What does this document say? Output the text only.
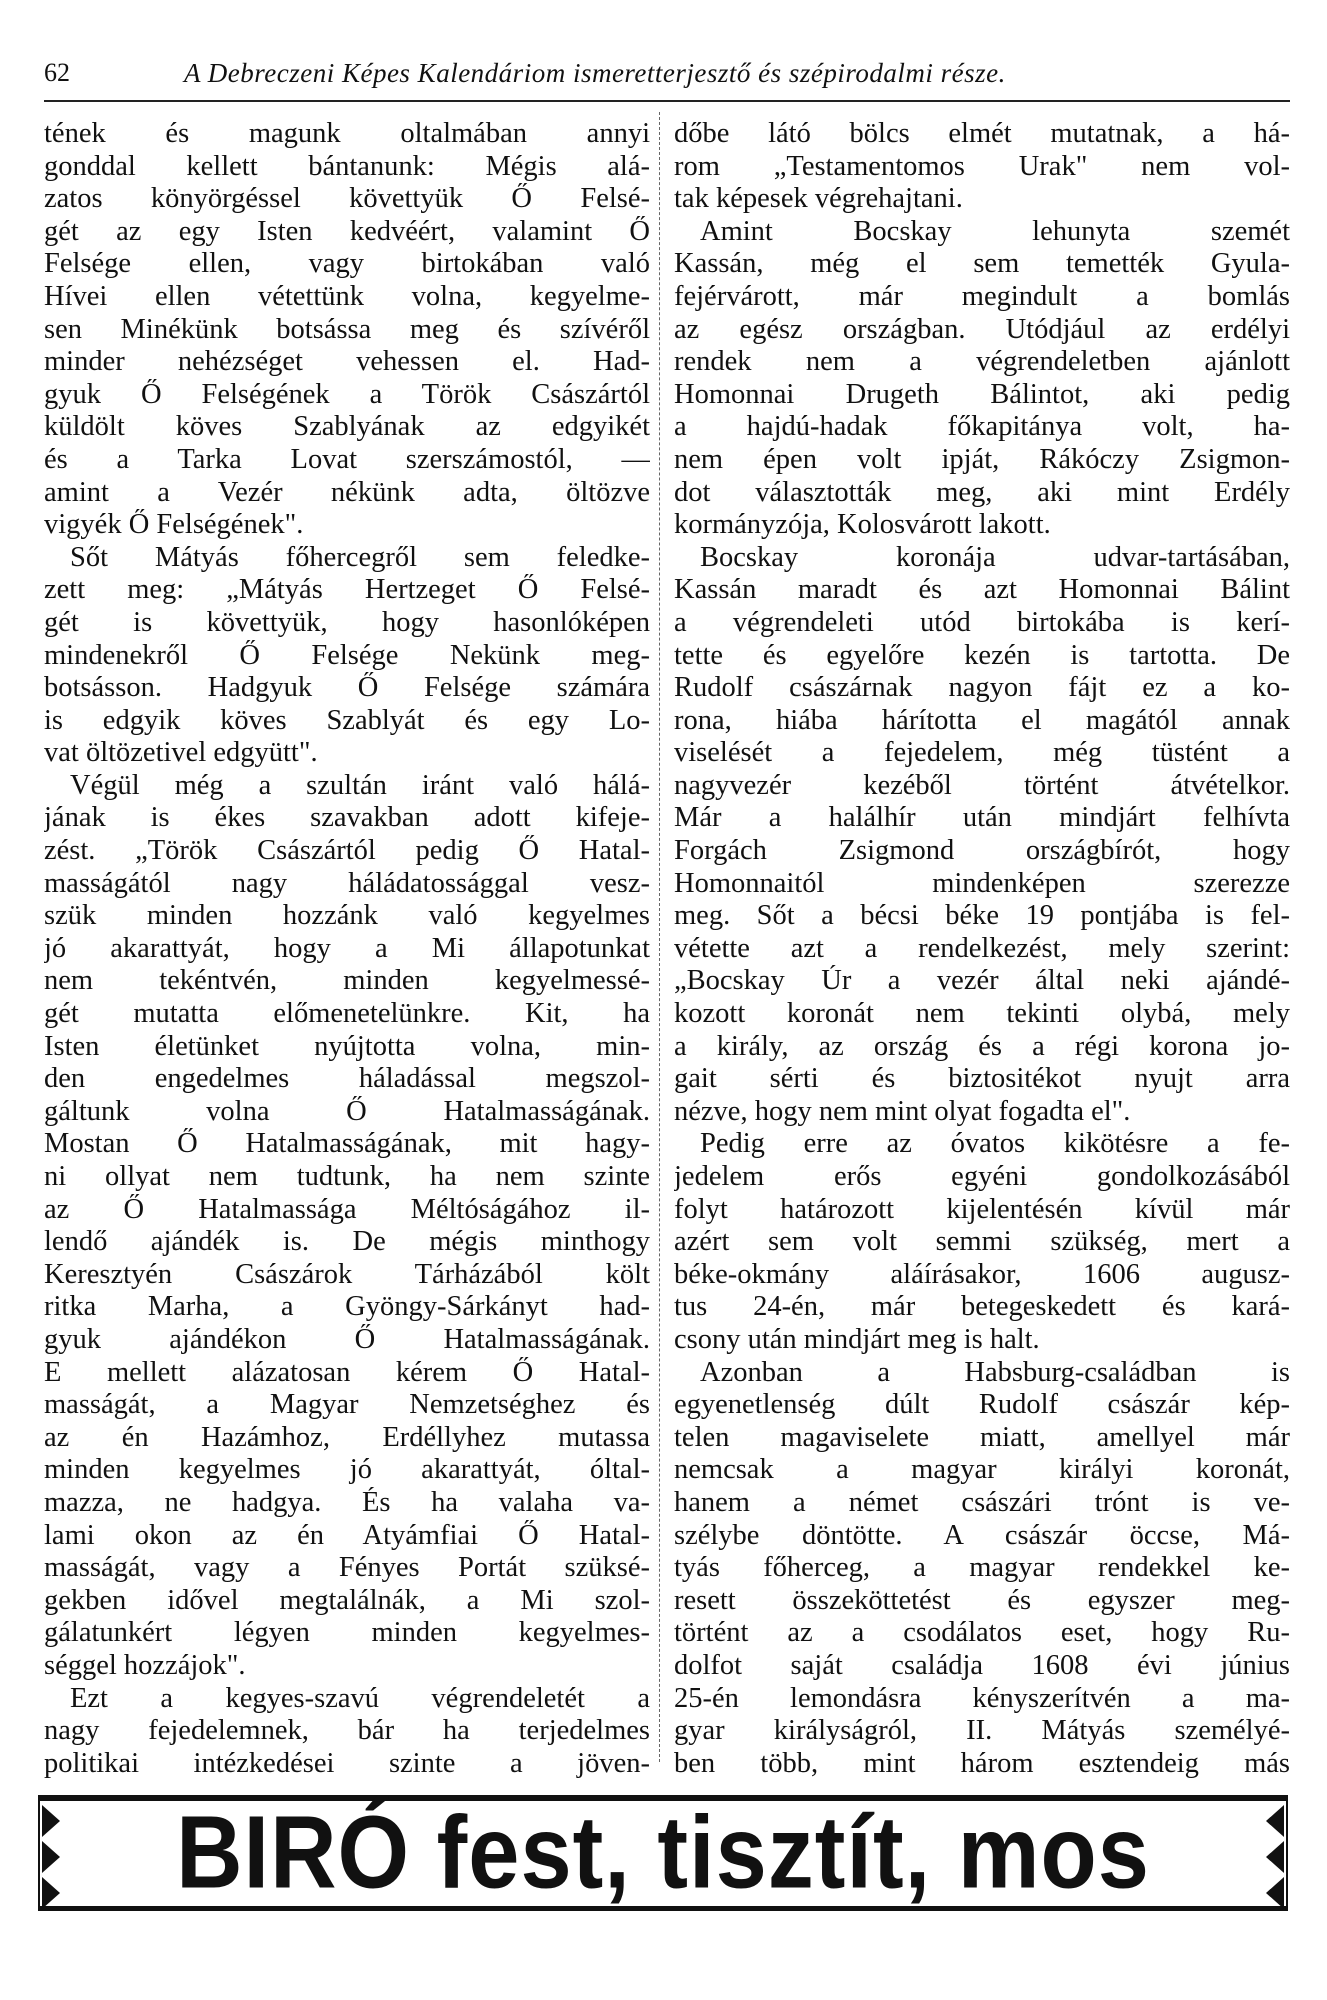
62	A Debreczeni Képes Kalendáriom ismeretterjesztő és szépirodalmi része.
tének és magunk oltalmában annyi
gonddal kellett bántanunk: Mégis alá-
zatos könyörgéssel követtyük Ő Felsé-
gét az egy Isten kedvéért, valamint Ő
Felsége ellen, vagy birtokában való
Hívei ellen vétettünk volna, kegyelme-
sen Minékünk botsássa meg és szívéről
minder nehézséget vehessen el. Had-
gyuk Ő Felségének a Török Császártól
küldölt köves Szablyának az edgyikét
és a Tarka Lovat szerszámostól, —
amint a Vezér nékünk adta, öltözve
vigyék Ő Felségének".
Sőt Mátyás főhercegről sem feledke-
zett meg: „Mátyás Hertzeget Ő Felsé-
gét is követtyük, hogy hasonlóképen
mindenekről Ő Felsége Nekünk meg-
botsásson. Hadgyuk Ő Felsége számára
is edgyik köves Szablyát és egy Lo-
vat öltözetivel edgyütt".
Végül még a szultán iránt való hálá-
jának is ékes szavakban adott kifeje-
zést. „Török Császártól pedig Ő Hatal-
masságától nagy háládatossággal vesz-
szük minden hozzánk való kegyelmes
jó akarattyát, hogy a Mi állapotunkat
nem tekéntvén, minden kegyelmessé-
gét mutatta előmenetelünkre. Kit, ha
Isten életünket nyújtotta volna, min-
den engedelmes háladással megszol-
gáltunk volna Ő Hatalmasságának.
Mostan Ő Hatalmasságának, mit hagy-
ni ollyat nem tudtunk, ha nem szinte
az Ő Hatalmassága Méltóságához il-
lendő ajándék is. De mégis minthogy
Keresztyén Császárok Tárházából költ
ritka Marha, a Gyöngy-Sárkányt had-
gyuk ajándékon Ő Hatalmasságának.
E mellett alázatosan kérem Ő Hatal-
masságát, a Magyar Nemzetséghez és
az én Hazámhoz, Erdéllyhez mutassa
minden kegyelmes jó akarattyát, óltal-
mazza, ne hadgya. És ha valaha va-
lami okon az én Atyámfiai Ő Hatal-
masságát, vagy a Fényes Portát szüksé-
gekben idővel megtalálnák, a Mi szol-
gálatunkért légyen minden kegyelmes-
séggel hozzájok".
Ezt a kegyes-szavú végrendeletét a
nagy fejedelemnek, bár ha terjedelmes
politikai intézkedései szinte a jöven-
dőbe látó bölcs elmét mutatnak, a há-
rom „Testamentomos Urak" nem vol-
tak képesek végrehajtani.
Amint Bocskay lehunyta szemét
Kassán, még el sem temették Gyula-
fejérvárott, már megindult a bomlás
az egész országban. Utódjául az erdélyi
rendek nem a végrendeletben ajánlott
Homonnai Drugeth Bálintot, aki pedig
a hajdú-hadak főkapitánya volt, ha-
nem épen volt ipját, Rákóczy Zsigmon-
dot választották meg, aki mint Erdély
kormányzója, Kolosvárott lakott.
Bocskay koronája udvar-tartásában,
Kassán maradt és azt Homonnai Bálint
a végrendeleti utód birtokába is kerí-
tette és egyelőre kezén is tartotta. De
Rudolf császárnak nagyon fájt ez a ko-
rona, hiába hárította el magától annak
viselését a fejedelem, még tüstént a
nagyvezér kezéből történt átvételkor.
Már a halálhír után mindjárt felhívta
Forgách Zsigmond országbírót, hogy
Homonnaitól mindenképen szerezze
meg. Sőt a bécsi béke 19 pontjába is fel-
vétette azt a rendelkezést, mely szerint:
„Bocskay Úr a vezér által neki ajándé-
kozott koronát nem tekinti olybá, mely
a király, az ország és a régi korona jo-
gait sérti és biztositékot nyujt arra
nézve, hogy nem mint olyat fogadta el".
Pedig erre az óvatos kikötésre a fe-
jedelem erős egyéni gondolkozásából
folyt határozott kijelentésén kívül már
azért sem volt semmi szükség, mert a
béke-okmány aláírásakor, 1606 augusz-
tus 24-én, már betegeskedett és kará-
csony után mindjárt meg is halt.
Azonban a Habsburg-családban is
egyenetlenség dúlt Rudolf császár kép-
telen magaviselete miatt, amellyel már
nemcsak a magyar királyi koronát,
hanem a német császári trónt is ve-
szélybe döntötte. A császár öccse, Má-
tyás főherceg, a magyar rendekkel ke-
resett összeköttetést és egyszer meg-
történt az a csodálatos eset, hogy Ru-
dolfot saját családja 1608 évi június
25-én lemondásra kényszerítvén a ma-
gyar királyságról, II. Mátyás személyé-
ben több, mint három esztendeig más
BIRÓ fest, tisztít, mos
